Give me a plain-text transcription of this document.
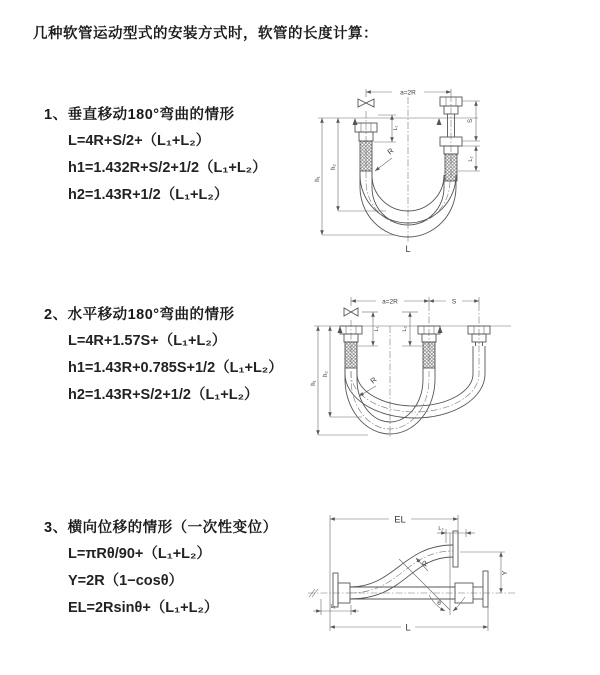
几种软管运动型式的安装方式时，软管的长度计算：
1、垂直移动180°弯曲的情形
L=4R+S/2+（L₁+L₂）
h1=1.432R+S/2+1/2（L₁+L₂）
h2=1.43R+1/2（L₁+L₂）
a=2R
S
L₂
L₁
h₁
h₂
R
L
2、水平移动180°弯曲的情形
L=4R+1.57S+（L₁+L₂）
h1=1.43R+0.785S+1/2（L₁+L₂）
h2=1.43R+S/2+1/2（L₁+L₂）
a=2R	S
L₁	L₂
h₁
h₂
R
3、横向位移的情形（一次性变位）
L=πRθ/90+（L₁+L₂）
Y=2R（1−cosθ）
EL=2Rsinθ+（L₁+L₂）	θ
R
EL
L₂
Y
L
L₁
